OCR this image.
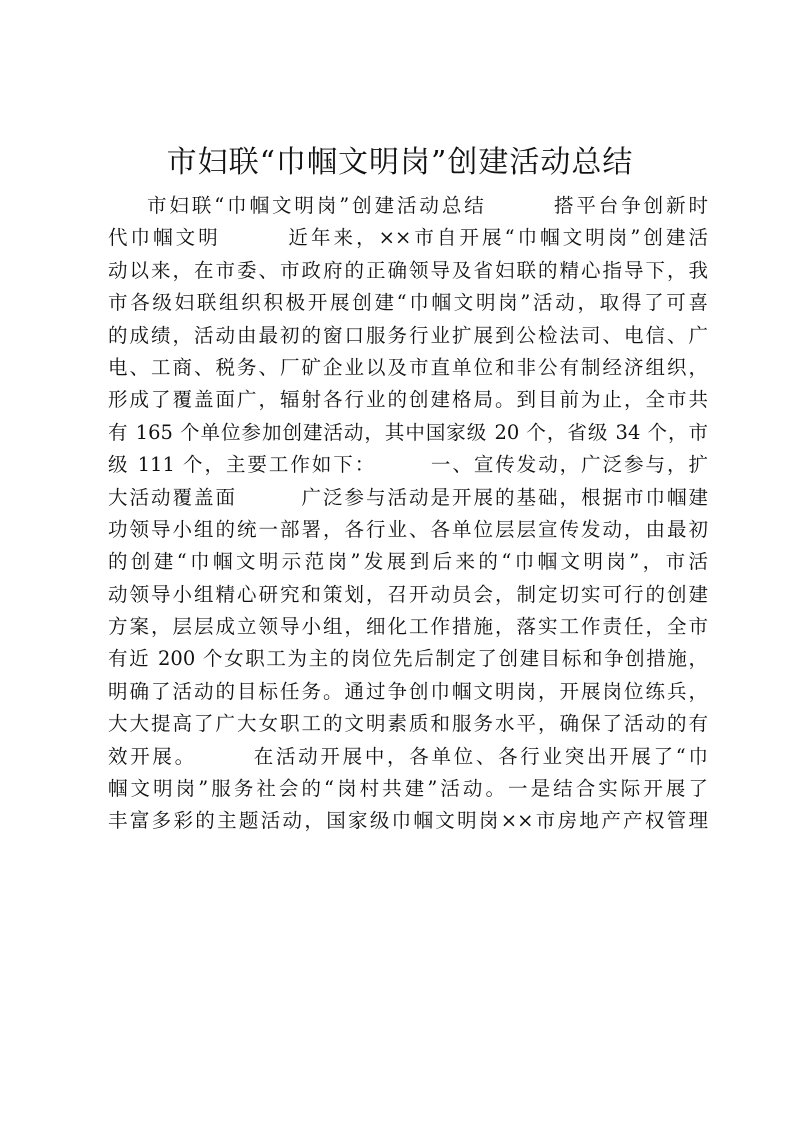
市妇联“巾帼文明岗”创建活动总结
市妇联“巾帼文明岗”创建活动总结　　　搭平台争创新时
代巾帼文明　　　近年来，××市自开展“巾帼文明岗”创建活
动以来，在市委、市政府的正确领导及省妇联的精心指导下，我
市各级妇联组织积极开展创建“巾帼文明岗”活动，取得了可喜
的成绩，活动由最初的窗口服务行业扩展到公检法司、电信、广
电、工商、税务、厂矿企业以及市直单位和非公有制经济组织，
形成了覆盖面广，辐射各行业的创建格局。到目前为止，全市共
有 165 个单位参加创建活动，其中国家级 20 个，省级 34 个，市
级 111 个，主要工作如下：　　　一、宣传发动，广泛参与，扩
大活动覆盖面　　　广泛参与活动是开展的基础，根据市巾帼建
功领导小组的统一部署，各行业、各单位层层宣传发动，由最初
的创建“巾帼文明示范岗”发展到后来的“巾帼文明岗”，市活
动领导小组精心研究和策划，召开动员会，制定切实可行的创建
方案，层层成立领导小组，细化工作措施，落实工作责任，全市
有近 200 个女职工为主的岗位先后制定了创建目标和争创措施，
明确了活动的目标任务。通过争创巾帼文明岗，开展岗位练兵，
大大提高了广大女职工的文明素质和服务水平，确保了活动的有
效开展。　　　在活动开展中，各单位、各行业突出开展了“巾
帼文明岗”服务社会的“岗村共建”活动。一是结合实际开展了
丰富多彩的主题活动，国家级巾帼文明岗××市房地产产权管理
